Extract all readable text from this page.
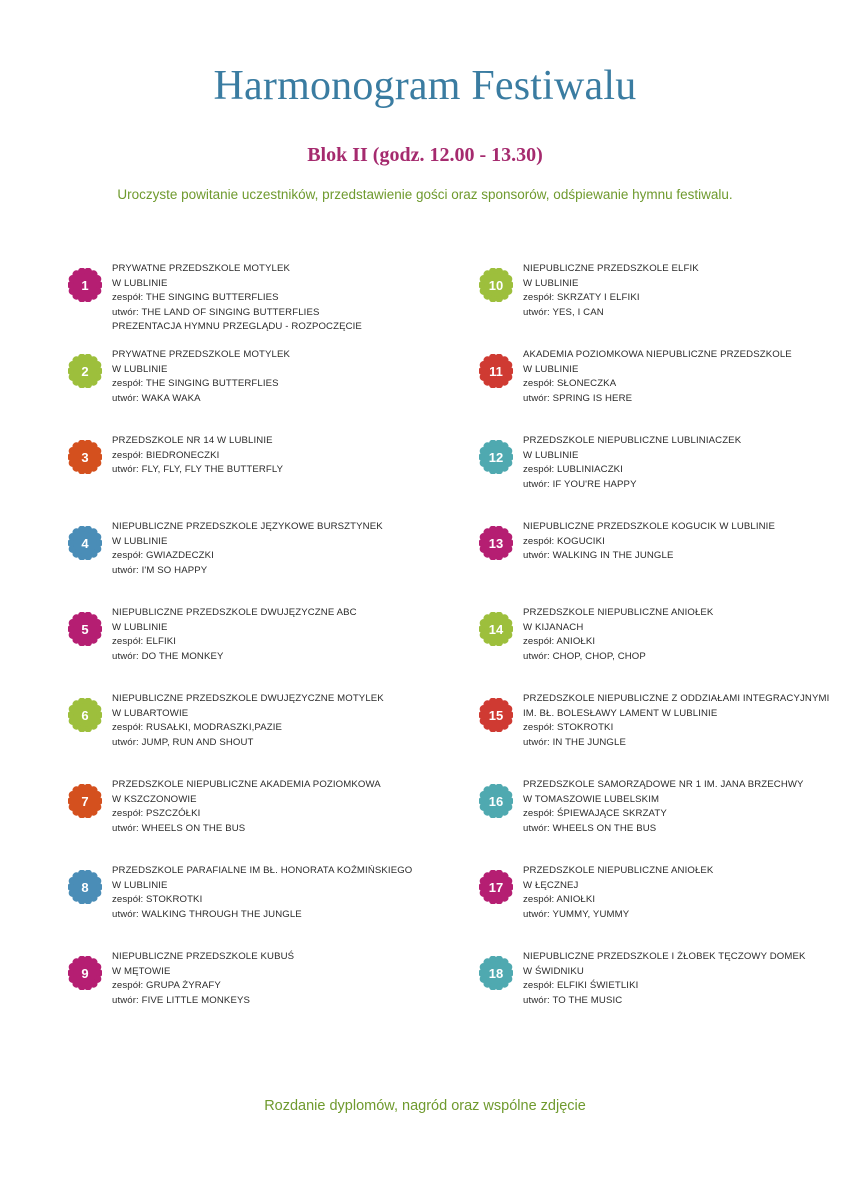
Harmonogram Festiwalu
Blok II (godz. 12.00 - 13.30)

Uroczyste powitanie uczestników, przedstawienie gości oraz sponsorów, odśpiewanie hymnu festiwalu.

1
PRYWATNE PRZEDSZKOLE MOTYLEK
W LUBLINIE
zespół: THE SINGING BUTTERFLIES
utwór: THE LAND OF SINGING BUTTERFLIES
PREZENTACJA HYMNU PRZEGLĄDU - ROZPOCZĘCIE
2
PRYWATNE PRZEDSZKOLE MOTYLEK
W LUBLINIE
zespół: THE SINGING BUTTERFLIES
utwór: WAKA WAKA
3
PRZEDSZKOLE NR 14 W LUBLINIE
zespół: BIEDRONECZKI
utwór: FLY, FLY, FLY THE BUTTERFLY
4
NIEPUBLICZNE PRZEDSZKOLE JĘZYKOWE BURSZTYNEK
W LUBLINIE
zespół: GWIAZDECZKI
utwór: I'M SO HAPPY
5
NIEPUBLICZNE PRZEDSZKOLE DWUJĘZYCZNE ABC
W LUBLINIE
zespół: ELFIKI
utwór: DO THE MONKEY
6
NIEPUBLICZNE PRZEDSZKOLE DWUJĘZYCZNE MOTYLEK
W LUBARTOWIE
zespół: RUSAŁKI, MODRASZKI,PAZIE
utwór: JUMP, RUN AND SHOUT
7
PRZEDSZKOLE NIEPUBLICZNE AKADEMIA POZIOMKOWA
W KSZCZONOWIE
zespół: PSZCZÓŁKI
utwór: WHEELS ON THE BUS
8
PRZEDSZKOLE PARAFIALNE IM BŁ. HONORATA KOŹMIŃSKIEGO
W LUBLINIE
zespół: STOKROTKI
utwór: WALKING THROUGH THE JUNGLE
9
NIEPUBLICZNE PRZEDSZKOLE KUBUŚ
W MĘTOWIE
zespół: GRUPA ŻYRAFY
utwór: FIVE LITTLE MONKEYS
10
NIEPUBLICZNE PRZEDSZKOLE ELFIK
W LUBLINIE
zespół: SKRZATY I ELFIKI
utwór: YES, I CAN
11
AKADEMIA POZIOMKOWA NIEPUBLICZNE PRZEDSZKOLE
W LUBLINIE
zespół: SŁONECZKA
utwór: SPRING IS HERE
12
PRZEDSZKOLE NIEPUBLICZNE LUBLINIACZEK
W LUBLINIE
zespół: LUBLINIACZKI
utwór: IF YOU'RE HAPPY
13
NIEPUBLICZNE PRZEDSZKOLE KOGUCIK W LUBLINIE
zespół: KOGUCIKI
utwór: WALKING IN THE JUNGLE
14
PRZEDSZKOLE NIEPUBLICZNE ANIOŁEK
W KIJANACH
zespół: ANIOŁKI
utwór: CHOP, CHOP, CHOP
15
PRZEDSZKOLE NIEPUBLICZNE Z ODDZIAŁAMI INTEGRACYJNYMI
IM. BŁ. BOLESŁAWY LAMENT W LUBLINIE
zespół: STOKROTKI
utwór: IN THE JUNGLE
16
PRZEDSZKOLE SAMORZĄDOWE NR 1 IM. JANA BRZECHWY
W TOMASZOWIE LUBELSKIM
zespół: ŚPIEWAJĄCE SKRZATY
utwór: WHEELS ON THE BUS
17
PRZEDSZKOLE NIEPUBLICZNE ANIOŁEK
W ŁĘCZNEJ
zespół: ANIOŁKI
utwór: YUMMY, YUMMY
18
NIEPUBLICZNE PRZEDSZKOLE I ŻŁOBEK TĘCZOWY DOMEK
W ŚWIDNIKU
zespół: ELFIKI ŚWIETLIKI
utwór: TO THE MUSIC
Rozdanie dyplomów, nagród oraz wspólne zdjęcie
